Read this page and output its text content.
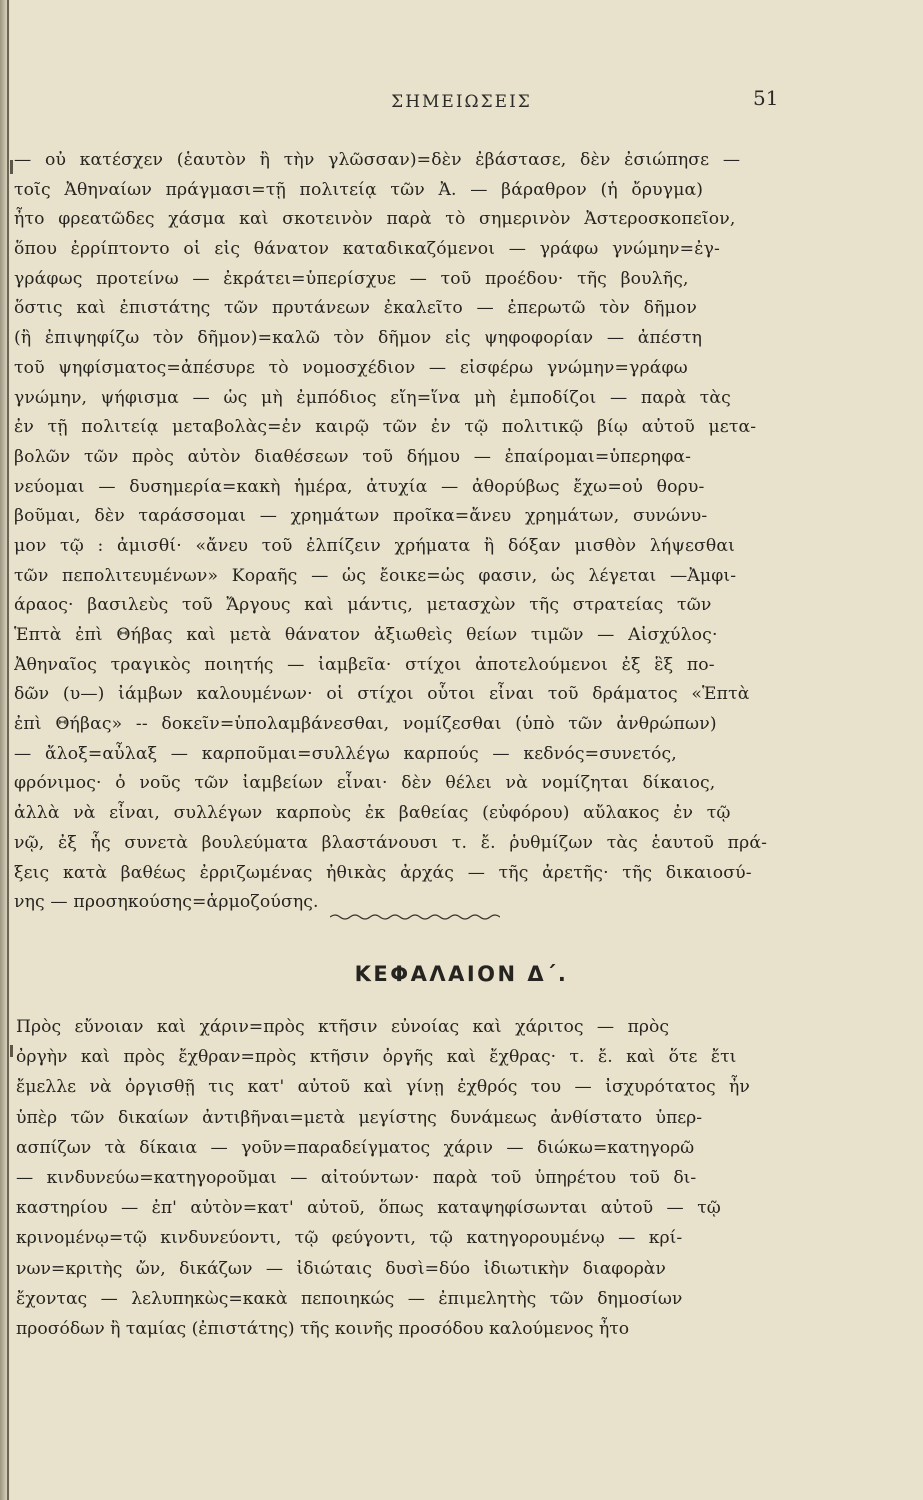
ΣΗΜΕΙΩΣΕΙΣ	51
— οὐ κατέσχεν (ἑαυτὸν ἢ τὴν γλῶσσαν)=δὲν ἐβάστασε, δὲν ἐσιώπησε —
τοῖς Ἀθηναίων πράγμασι=τῇ πολιτείᾳ τῶν Ἀ. — βάραθρον (ἡ ὄρυγμα)
ἦτο φρεατῶδες χάσμα καὶ σκοτεινὸν παρὰ τὸ σημερινὸν Ἀστεροσκοπεῖον,
ὅπου ἐρρίπτοντο οἱ εἰς θάνατον καταδικαζόμενοι — γράφω γνώμην=ἐγ-
γράφως προτείνω — ἐκράτει=ὑπερίσχυε — τοῦ προέδου· τῆς βουλῆς,
ὅστις καὶ ἐπιστάτης τῶν πρυτάνεων ἐκαλεῖτο — ἐπερωτῶ τὸν δῆμον
(ἢ ἐπιψηφίζω τὸν δῆμον)=καλῶ τὸν δῆμον εἰς ψηφοφορίαν — ἀπέστη
τοῦ ψηφίσματος=ἀπέσυρε τὸ νομοσχέδιον — εἰσφέρω γνώμην=γράφω
γνώμην, ψήφισμα — ὡς μὴ ἐμπόδιος εἴη=ἵνα μὴ ἐμποδίζοι — παρὰ τὰς
ἐν τῇ πολιτείᾳ μεταβολὰς=ἐν καιρῷ τῶν ἐν τῷ πολιτικῷ βίῳ αὐτοῦ μετα-
βολῶν τῶν πρὸς αὐτὸν διαθέσεων τοῦ δήμου — ἐπαίρομαι=ὑπερηφα-
νεύομαι — δυσημερία=κακὴ ἡμέρα, ἀτυχία — ἀθορύβως ἔχω=οὐ θορυ-
βοῦμαι, δὲν ταράσσομαι — χρημάτων προῖκα=ἄνευ χρημάτων, συνώνυ-
μον τῷ : ἀμισθί· «ἄνευ τοῦ ἐλπίζειν χρήματα ἢ δόξαν μισθὸν λήψεσθαι
τῶν πεπολιτευμένων» Κοραῆς — ὡς ἔοικε=ὡς φασιν, ὡς λέγεται —Ἀμφι-
άραος· βασιλεὺς τοῦ Ἄργους καὶ μάντις, μετασχὼν τῆς στρατείας τῶν
Ἑπτὰ ἐπὶ Θήβας καὶ μετὰ θάνατον ἀξιωθεὶς θείων τιμῶν — Αἰσχύλος·
Ἀθηναῖος τραγικὸς ποιητής — ἰαμβεῖα· στίχοι ἀποτελούμενοι ἐξ ἓξ πο-
δῶν (υ—) ἰάμβων καλουμένων· οἱ στίχοι οὗτοι εἶναι τοῦ δράματος «Ἑπτὰ
ἐπὶ Θήβας» -- δοκεῖν=ὑπολαμβάνεσθαι, νομίζεσθαι (ὑπὸ τῶν ἀνθρώπων)
— ἄλοξ=αὖλαξ — καρποῦμαι=συλλέγω καρπούς — κεδνός=συνετός,
φρόνιμος· ὁ νοῦς τῶν ἰαμβείων εἶναι· δὲν θέλει νὰ νομίζηται δίκαιος,
ἀλλὰ νὰ εἶναι, συλλέγων καρποὺς ἐκ βαθείας (εὐφόρου) αὔλακος ἐν τῷ
νῷ, ἐξ ἧς συνετὰ βουλεύματα βλαστάνουσι τ. ἔ. ῥυθμίζων τὰς ἑαυτοῦ πρά-
ξεις κατὰ βαθέως ἐρριζωμένας ἠθικὰς ἀρχάς — τῆς ἀρετῆς· τῆς δικαιοσύ-
νης — προσηκούσης=ἁρμοζούσης.
ΚΕΦΑΛΑΙΟΝ Δ΄.
Πρὸς εὔνοιαν καὶ χάριν=πρὸς κτῆσιν εὐνοίας καὶ χάριτος — πρὸς
ὀργὴν καὶ πρὸς ἔχθραν=πρὸς κτῆσιν ὀργῆς καὶ ἔχθρας· τ. ἔ. καὶ ὅτε ἔτι
ἔμελλε νὰ ὀργισθῇ τις κατ' αὐτοῦ καὶ γίνῃ ἐχθρός του — ἰσχυρότατος ἦν
ὑπὲρ τῶν δικαίων ἀντιβῆναι=μετὰ μεγίστης δυνάμεως ἀνθίστατο ὑπερ-
ασπίζων τὰ δίκαια — γοῦν=παραδείγματος χάριν — διώκω=κατηγορῶ
— κινδυνεύω=κατηγοροῦμαι — αἰτούντων· παρὰ τοῦ ὑπηρέτου τοῦ δι-
καστηρίου — ἐπ' αὐτὸν=κατ' αὐτοῦ, ὅπως καταψηφίσωνται αὐτοῦ — τῷ
κρινομένῳ=τῷ κινδυνεύοντι, τῷ φεύγοντι, τῷ κατηγορουμένῳ — κρί-
νων=κριτὴς ὤν, δικάζων — ἰδιώταις δυσὶ=δύο ἰδιωτικὴν διαφορὰν
ἔχοντας — λελυπηκὼς=κακὰ πεποιηκώς — ἐπιμελητὴς τῶν δημοσίων
προσόδων ἢ ταμίας (ἐπιστάτης) τῆς κοινῆς προσόδου καλούμενος ἦτο
